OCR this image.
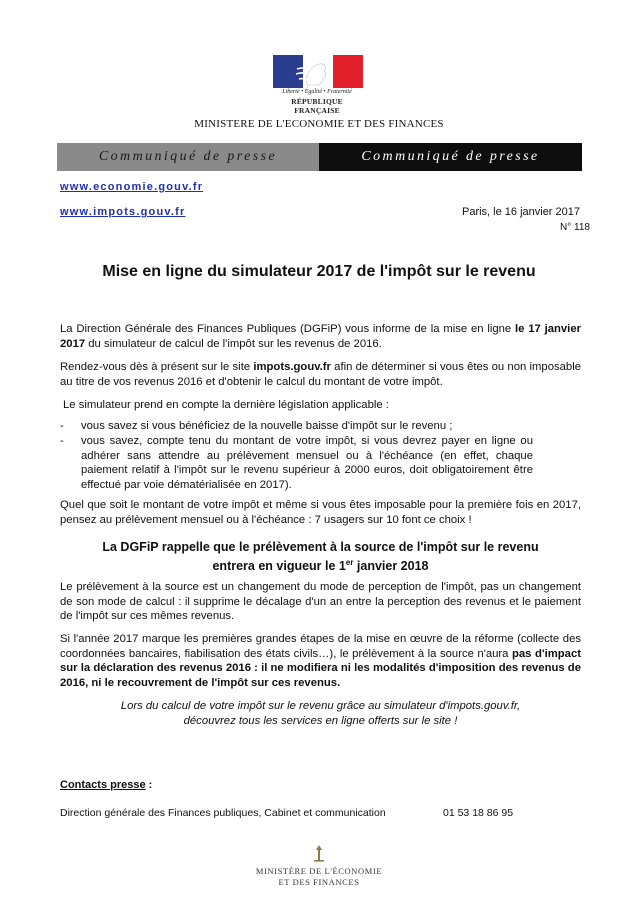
Liberté • Égalité • Fraternité
RÉPUBLIQUE FRANÇAISE
MINISTERE DE L'ECONOMIE ET DES FINANCES
Communiqué de presse	Communiqué de presse
www.economie.gouv.fr
www.impots.gouv.fr	Paris, le 16 janvier 2017
N° 118
Mise en ligne du simulateur 2017 de l'impôt sur le revenu
La Direction Générale des Finances Publiques (DGFiP) vous informe de la mise en ligne le 17 janvier 2017 du simulateur de calcul de l'impôt sur les revenus de 2016.
Rendez-vous dès à présent sur le site impots.gouv.fr afin de déterminer si vous êtes ou non imposable au titre de vos revenus 2016 et d'obtenir le calcul du montant de votre impôt.
Le simulateur prend en compte la dernière législation applicable :
- vous savez si vous bénéficiez de la nouvelle baisse d'impôt sur le revenu ;
- vous savez, compte tenu du montant de votre impôt, si vous devrez payer en ligne ou adhérer sans attendre au prélèvement mensuel ou à l'échéance (en effet, chaque paiement relatif à l'impôt sur le revenu supérieur à 2000 euros, doit obligatoirement être effectué par voie dématérialisée en 2017).
Quel que soit le montant de votre impôt et même si vous êtes imposable pour la première fois en 2017, pensez au prélèvement mensuel ou à l'échéance : 7 usagers sur 10 font ce choix !
La DGFiP rappelle que le prélèvement à la source de l'impôt sur le revenu
entrera en vigueur le 1er janvier 2018
Le prélèvement à la source est un changement du mode de perception de l'impôt, pas un changement de son mode de calcul : il supprime le décalage d'un an entre la perception des revenus et le paiement de l'impôt sur ces mêmes revenus.
Si l'année 2017 marque les premières grandes étapes de la mise en œuvre de la réforme (collecte des coordonnées bancaires, fiabilisation des états civils…), le prélèvement à la source n'aura pas d'impact sur la déclaration des revenus 2016 : il ne modifiera ni les modalités d'imposition des revenus de 2016, ni le recouvrement de l'impôt sur ces revenus.
Lors du calcul de votre impôt sur le revenu grâce au simulateur d'impots.gouv.fr,
découvrez tous les services en ligne offerts sur le site !
Contacts presse :
Direction générale des Finances publiques, Cabinet et communication	01 53 18 86 95
MINISTÈRE DE L'ÉCONOMIE
ET DES FINANCES
